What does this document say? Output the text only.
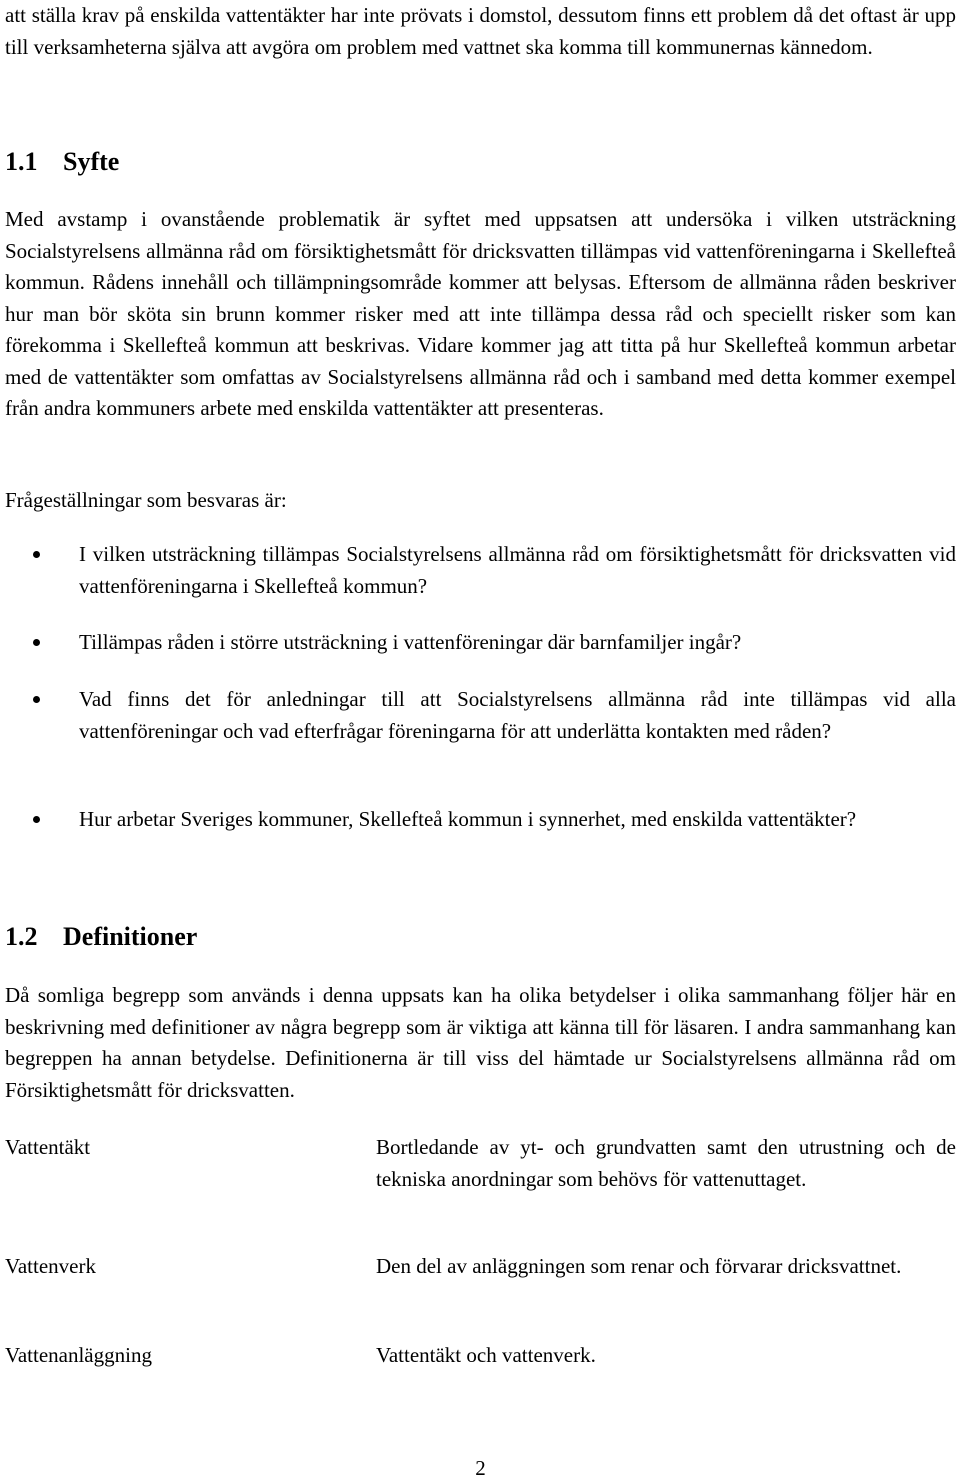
att ställa krav på enskilda vattentäkter har inte prövats i domstol, dessutom finns ett problem då det oftast är upp till verksamheterna själva att avgöra om problem med vattnet ska komma till kommunernas kännedom.

1.1 Syfte

Med avstamp i ovanstående problematik är syftet med uppsatsen att undersöka i vilken utsträckning Socialstyrelsens allmänna råd om försiktighetsmått för dricksvatten tillämpas vid vattenföreningarna i Skellefteå kommun. Rådens innehåll och tillämpningsområde kommer att belysas. Eftersom de allmänna råden beskriver hur man bör sköta sin brunn kommer risker med att inte tillämpa dessa råd och speciellt risker som kan förekomma i Skellefteå kommun att beskrivas. Vidare kommer jag att titta på hur Skellefteå kommun arbetar med de vattentäkter som omfattas av Socialstyrelsens allmänna råd och i samband med detta kommer exempel från andra kommuners arbete med enskilda vattentäkter att presenteras.

Frågeställningar som besvaras är:

I vilken utsträckning tillämpas Socialstyrelsens allmänna råd om försiktighetsmått för dricksvatten vid vattenföreningarna i Skellefteå kommun?

Tillämpas råden i större utsträckning i vattenföreningar där barnfamiljer ingår?

Vad finns det för anledningar till att Socialstyrelsens allmänna råd inte tillämpas vid alla vattenföreningar och vad efterfrågar föreningarna för att underlätta kontakten med råden?

Hur arbetar Sveriges kommuner, Skellefteå kommun i synnerhet, med enskilda vattentäkter?

1.2 Definitioner

Då somliga begrepp som används i denna uppsats kan ha olika betydelser i olika sammanhang följer här en beskrivning med definitioner av några begrepp som är viktiga att känna till för läsaren. I andra sammanhang kan begreppen ha annan betydelse. Definitionerna är till viss del hämtade ur Socialstyrelsens allmänna råd om Försiktighetsmått för dricksvatten.

Vattentäkt	Bortledande av yt- och grundvatten samt den utrustning och de tekniska anordningar som behövs för vattenuttaget.

Vattenverk	Den del av anläggningen som renar och förvarar dricksvattnet.

Vattenanläggning	Vattentäkt och vattenverk.

2
